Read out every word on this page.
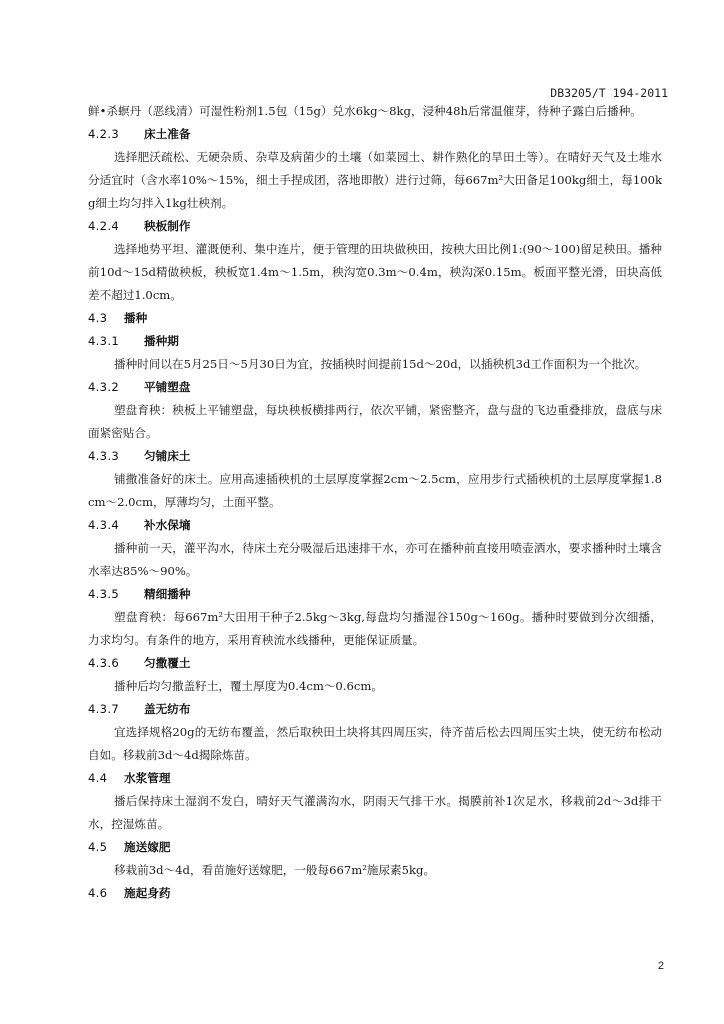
DB3205/T 194-2011

鲜•杀螟丹（恶线清）可湿性粉剂1.5包（15g）兑水6kg～8kg，浸种48h后常温催芽，待种子露白后播种。

4.2.3 床土准备

选择肥沃疏松、无硬杂质、杂草及病菌少的土壤（如菜园土、耕作熟化的旱田土等）。在晴好天气及土堆水分适宜时（含水率10%～15%，细土手捏成团，落地即散）进行过筛，每667m²大田备足100kg细土，每100kg细土均匀拌入1kg壮秧剂。

4.2.4 秧板制作

选择地势平坦、灌溉便利、集中连片，便于管理的田块做秧田，按秧大田比例1:(90～100)留足秧田。播种前10d～15d精做秧板，秧板宽1.4m～1.5m，秧沟宽0.3m～0.4m，秧沟深0.15m。板面平整光滑，田块高低差不超过1.0cm。

4.3 播种
4.3.1 播种期

播种时间以在5月25日～5月30日为宜，按插秧时间提前15d～20d，以插秧机3d工作面积为一个批次。

4.3.2 平铺塑盘

塑盘育秧：秧板上平铺塑盘，每块秧板横排两行，依次平铺，紧密整齐，盘与盘的飞边重叠排放，盘底与床面紧密贴合。

4.3.3 匀铺床土

铺撒准备好的床土。应用高速插秧机的土层厚度掌握2cm～2.5cm，应用步行式插秧机的土层厚度掌握1.8cm～2.0cm，厚薄均匀，土面平整。

4.3.4 补水保墒

播种前一天，灌平沟水，待床土充分吸湿后迅速排干水，亦可在播种前直接用喷壶洒水，要求播种时土壤含水率达85%～90%。

4.3.5 精细播种

塑盘育秧：每667m²大田用干种子2.5kg～3kg,每盘均匀播湿谷150g～160g。播种时要做到分次细播，力求均匀。有条件的地方，采用育秧流水线播种，更能保证质量。

4.3.6 匀撒覆土

播种后均匀撒盖籽土，覆土厚度为0.4cm～0.6cm。

4.3.7 盖无纺布

宜选择规格20g的无纺布覆盖，然后取秧田土块将其四周压实，待齐苗后松去四周压实土块，使无纺布松动自如。移栽前3d～4d揭除炼苗。

4.4 水浆管理

播后保持床土湿润不发白，晴好天气灌满沟水，阴雨天气排干水。揭膜前补1次足水，移栽前2d～3d排干水，控湿炼苗。

4.5 施送嫁肥

移栽前3d～4d，看苗施好送嫁肥，一般每667m²施尿素5kg。

4.6 施起身药
2
